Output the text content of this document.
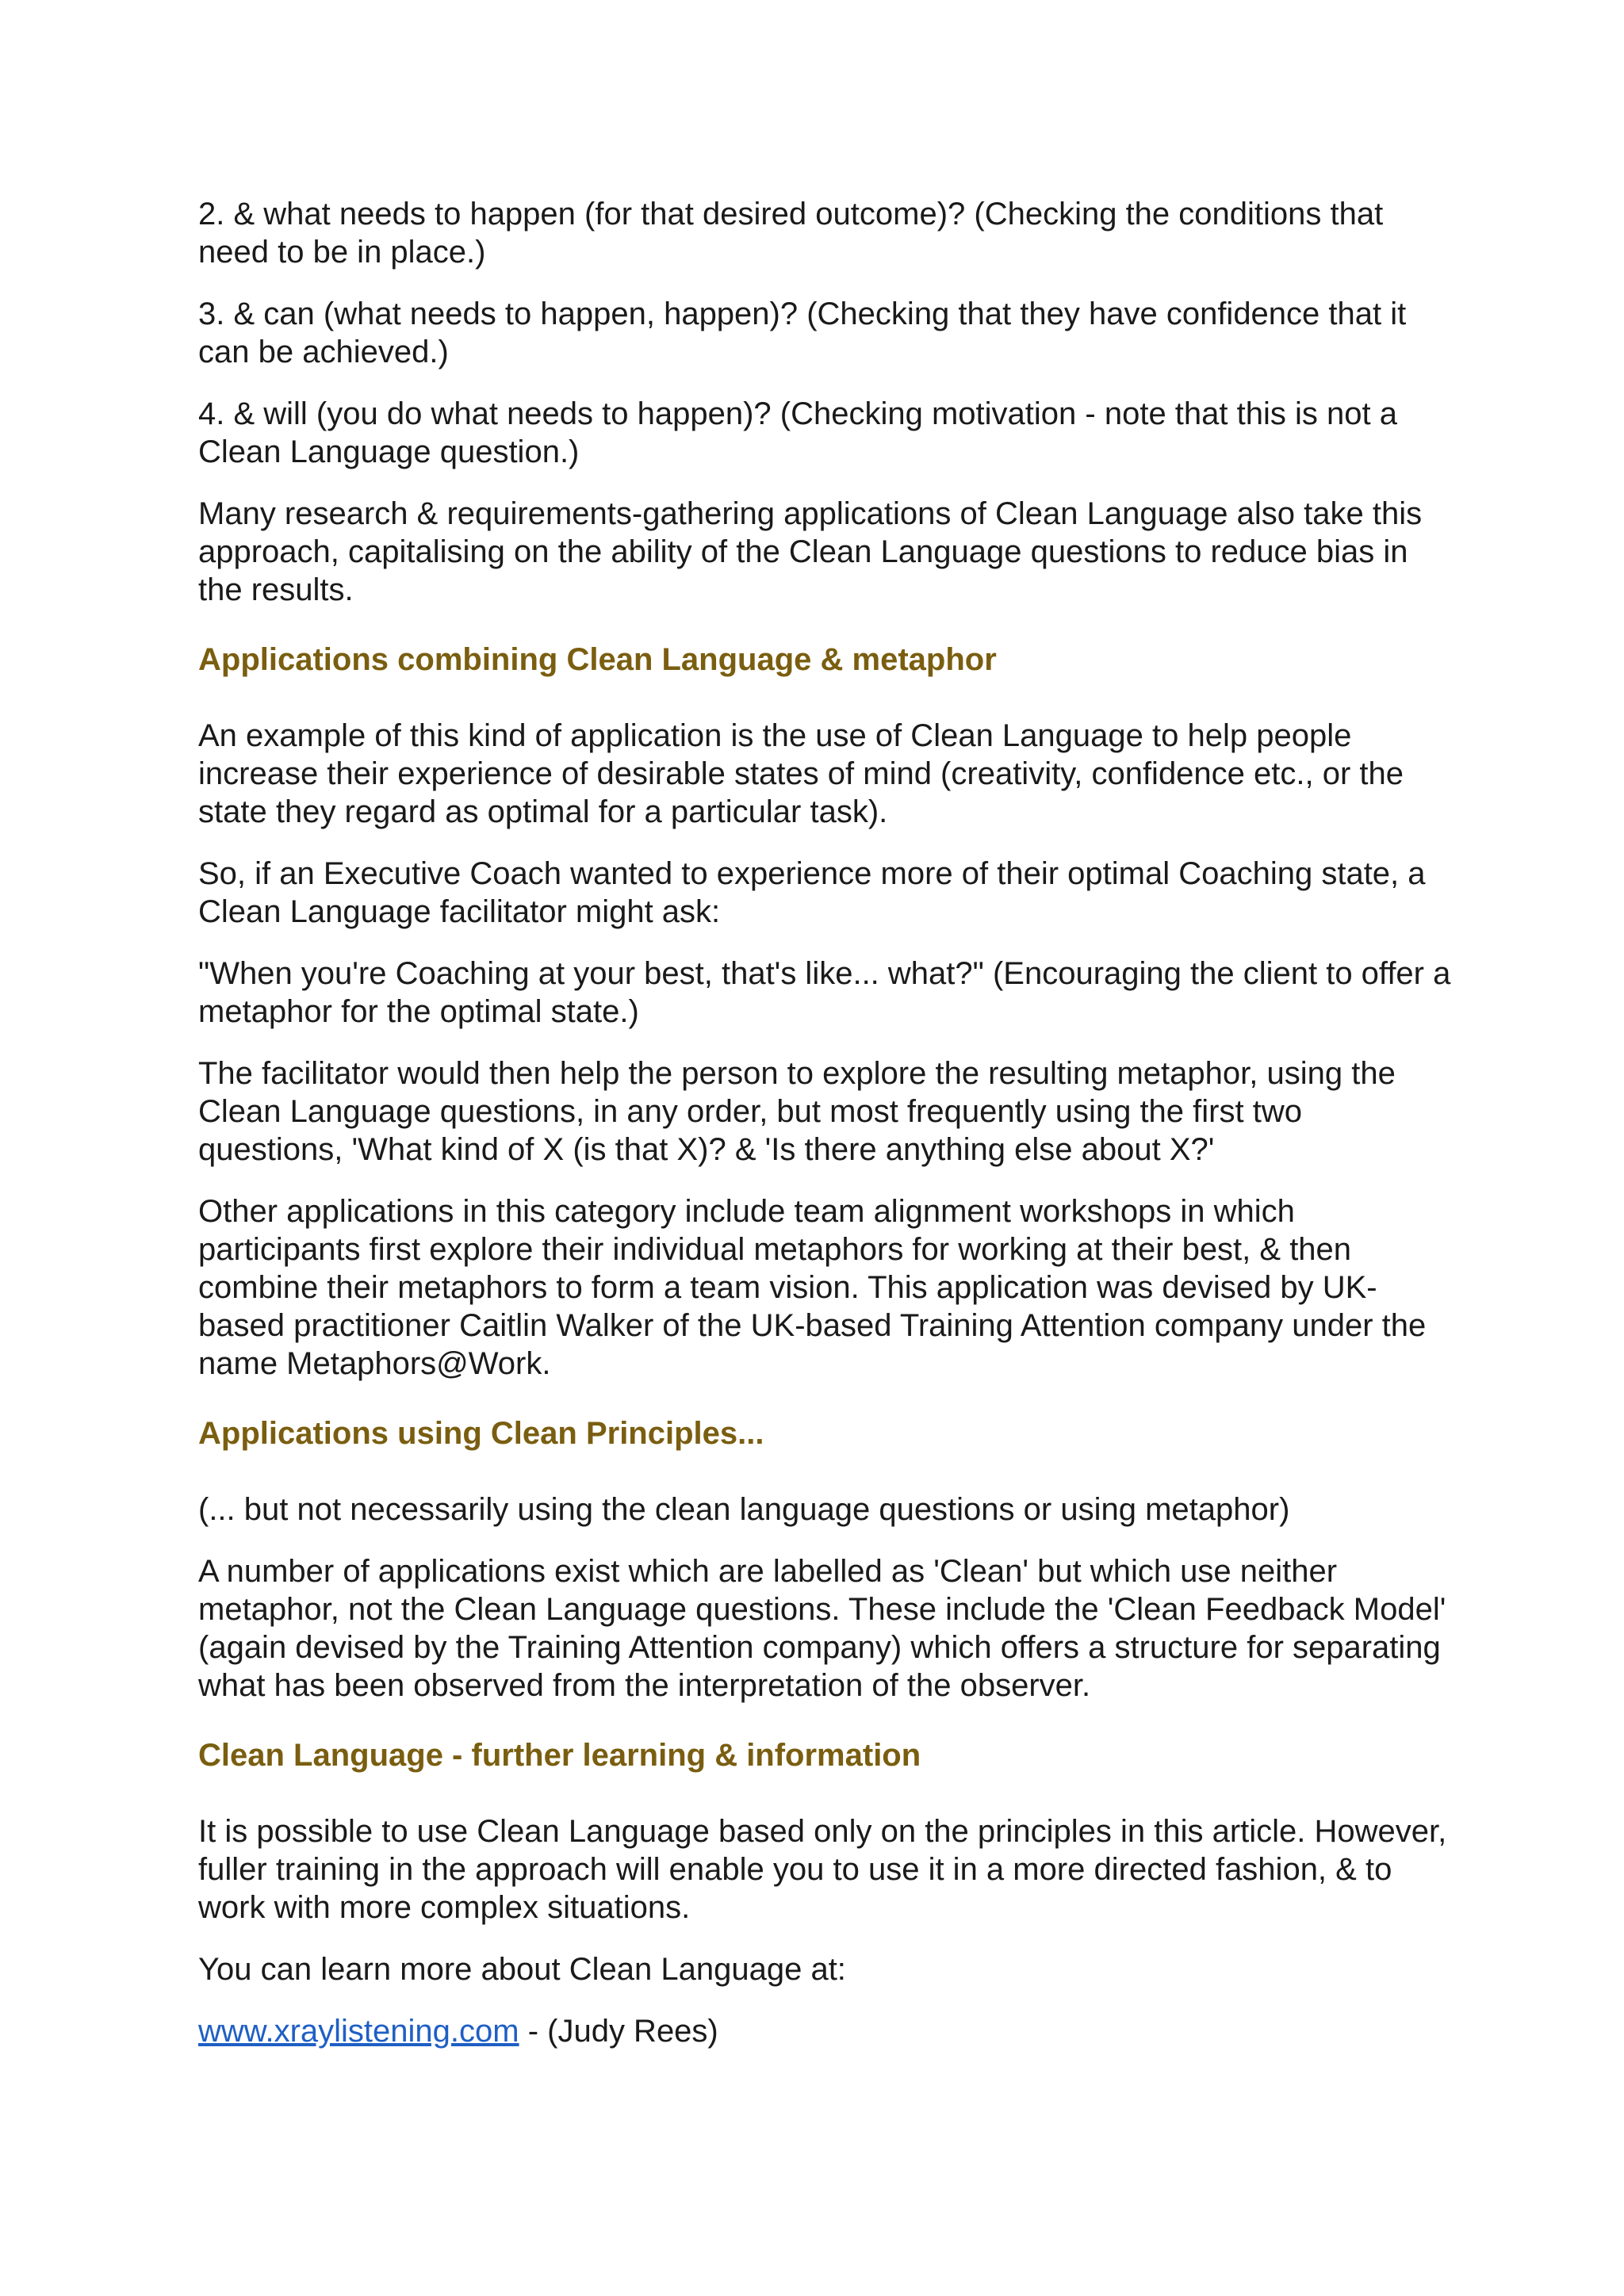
2. & what needs to happen (for that desired outcome)? (Checking the conditions that need to be in place.)

3. & can (what needs to happen, happen)? (Checking that they have confidence that it can be achieved.)

4. & will (you do what needs to happen)? (Checking motivation - note that this is not a Clean Language question.)

Many research & requirements-gathering applications of Clean Language also take this approach, capitalising on the ability of the Clean Language questions to reduce bias in the results.

Applications combining Clean Language & metaphor

An example of this kind of application is the use of Clean Language to help people increase their experience of desirable states of mind (creativity, confidence etc., or the state they regard as optimal for a particular task).

So, if an Executive Coach wanted to experience more of their optimal Coaching state, a Clean Language facilitator might ask:

"When you're Coaching at your best, that's like... what?" (Encouraging the client to offer a metaphor for the optimal state.)

The facilitator would then help the person to explore the resulting metaphor, using the Clean Language questions, in any order, but most frequently using the first two questions, 'What kind of X (is that X)? & 'Is there anything else about X?'

Other applications in this category include team alignment workshops in which participants first explore their individual metaphors for working at their best, & then combine their metaphors to form a team vision. This application was devised by UK-based practitioner Caitlin Walker of the UK-based Training Attention company under the name Metaphors@Work.

Applications using Clean Principles...

(... but not necessarily using the clean language questions or using metaphor)

A number of applications exist which are labelled as 'Clean' but which use neither metaphor, not the Clean Language questions. These include the 'Clean Feedback Model' (again devised by the Training Attention company) which offers a structure for separating what has been observed from the interpretation of the observer.

Clean Language - further learning & information

It is possible to use Clean Language based only on the principles in this article. However, fuller training in the approach will enable you to use it in a more directed fashion, & to work with more complex situations.

You can learn more about Clean Language at:

www.xraylistening.com - (Judy Rees)
